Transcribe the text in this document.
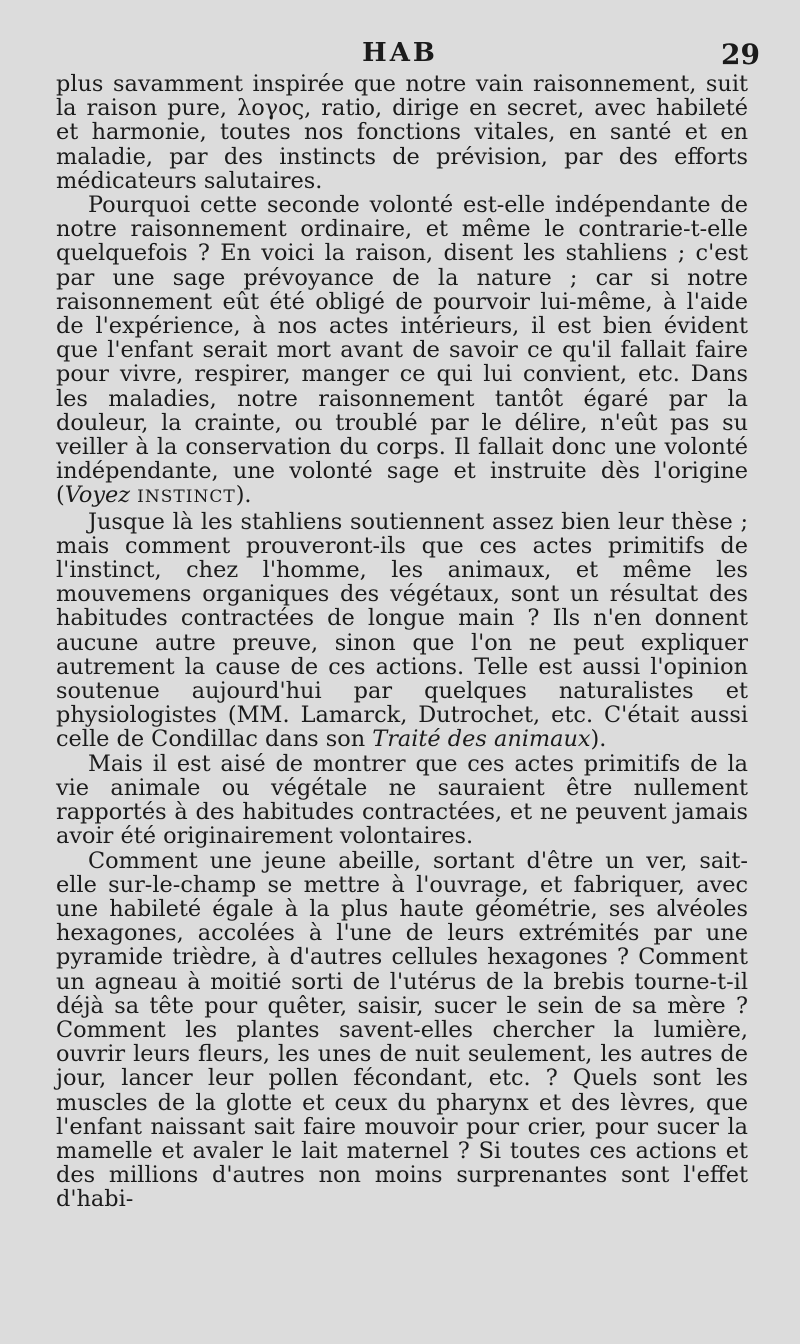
HAB	29

plus savamment inspirée que notre vain raisonnement, suit la raison pure, λογος, ratio, dirige en secret, avec habileté et harmonie, toutes nos fonctions vitales, en santé et en maladie, par des instincts de prévision, par des efforts médicateurs salutaires.

Pourquoi cette seconde volonté est-elle indépendante de notre raisonnement ordinaire, et même le contrarie-t-elle quelquefois ? En voici la raison, disent les stahliens ; c'est par une sage prévoyance de la nature ; car si notre raisonnement eût été obligé de pourvoir lui-même, à l'aide de l'expérience, à nos actes intérieurs, il est bien évident que l'enfant serait mort avant de savoir ce qu'il fallait faire pour vivre, respirer, manger ce qui lui convient, etc. Dans les maladies, notre raisonnement tantôt égaré par la douleur, la crainte, ou troublé par le délire, n'eût pas su veiller à la conservation du corps. Il fallait donc une volonté indépendante, une volonté sage et instruite dès l'origine (Voyez INSTINCT).

Jusque là les stahliens soutiennent assez bien leur thèse ; mais comment prouveront-ils que ces actes primitifs de l'instinct, chez l'homme, les animaux, et même les mouvemens organiques des végétaux, sont un résultat des habitudes contractées de longue main ? Ils n'en donnent aucune autre preuve, sinon que l'on ne peut expliquer autrement la cause de ces actions. Telle est aussi l'opinion soutenue aujourd'hui par quelques naturalistes et physiologistes (MM. Lamarck, Dutrochet, etc. C'était aussi celle de Condillac dans son Traité des animaux).

Mais il est aisé de montrer que ces actes primitifs de la vie animale ou végétale ne sauraient être nullement rapportés à des habitudes contractées, et ne peuvent jamais avoir été originairement volontaires.

Comment une jeune abeille, sortant d'être un ver, sait-elle sur-le-champ se mettre à l'ouvrage, et fabriquer, avec une habileté égale à la plus haute géométrie, ses alvéoles hexagones, accolées à l'une de leurs extrémités par une pyramide trièdre, à d'autres cellules hexagones ? Comment un agneau à moitié sorti de l'utérus de la brebis tourne-t-il déjà sa tête pour quêter, saisir, sucer le sein de sa mère ? Comment les plantes savent-elles chercher la lumière, ouvrir leurs fleurs, les unes de nuit seulement, les autres de jour, lancer leur pollen fécondant, etc. ? Quels sont les muscles de la glotte et ceux du pharynx et des lèvres, que l'enfant naissant sait faire mouvoir pour crier, pour sucer la mamelle et avaler le lait maternel ? Si toutes ces actions et des millions d'autres non moins surprenantes sont l'effet d'habi-
